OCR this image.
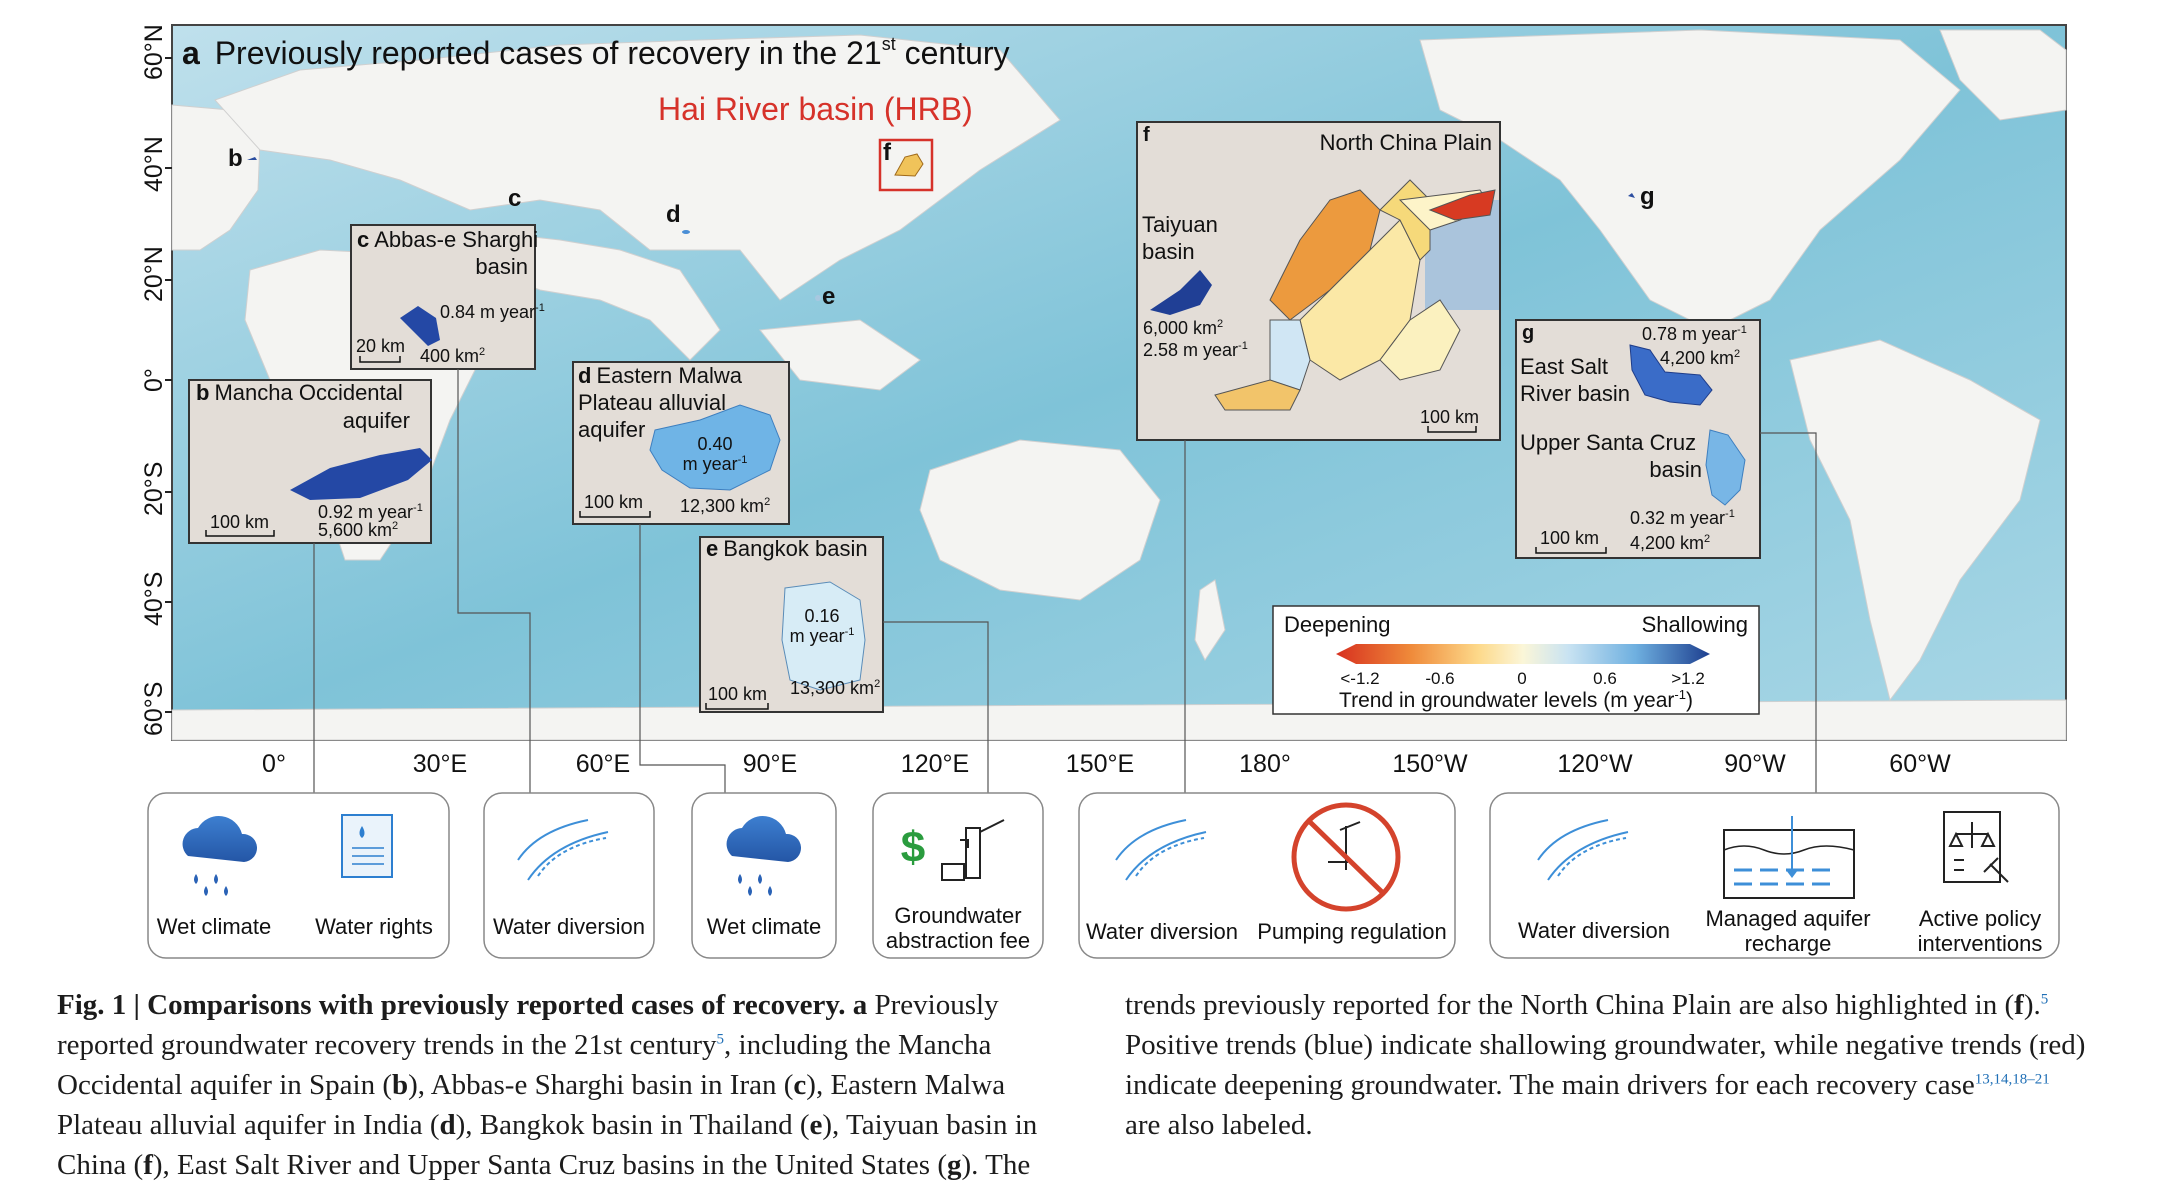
60°N
40°N
20°N
0°
20°S
40°S
60°S
0°	30°E	60°E	90°E	120°E	150°E	180°	150°W	120°W	90°W	60°W
a Previously reported cases of recovery in the 21st century
Hai River basin (HRB)
b
c
d
e
f
g
b Mancha Occidental
aquifer
0.92 m year$^{-1}$
5,600 $km^2$
100 km
c Abbas-e Sharghi
basin
0.84 m year$^{-1}$
400 $km^2$
20 km
d Eastern Malwa
Plateau alluvial
aquifer
0.40
m year$^{-1}$
12,300 $km^2$
100 km
e Bangkok basin
0.16
m year$^{-1}$
13,300 $km^2$
100 km
f	North China Plain
Taiyuan
basin
6,000 $km^2$
2.58 m year$^{-1}$
100 km
g	0.78 m year$^{-1}$
4,200 $km^2$
East Salt
River basin
Upper Santa Cruz
basin
0.32 m year$^{-1}$
4,200 $km^2$
100 km
Deepening	Shallowing
<-1.2	-0.6	0	0.6	>1.2
Trend in groundwater levels (m year$^{-1}$)
Wet climate Water rights	Water diversion	Wet climate
$
Groundwater
abstraction fee	Water diversion Pumping regulation	Water diversion Managed aquifer
recharge
Active policy
interventions
Fig. 1 | Comparisons with previously reported cases of recovery. a Previously
reported groundwater recovery trends in the 21st century$^5$, including the Mancha
Occidental aquifer in Spain (b), Abbas-e Sharghi basin in Iran (c), Eastern Malwa
Plateau alluvial aquifer in India (d), Bangkok basin in Thailand (e), Taiyuan basin in
China (f), East Salt River and Upper Santa Cruz basins in the United States (g). The
trends previously reported for the North China Plain are also highlighted in (f).$^5$
Positive trends (blue) indicate shallowing groundwater, while negative trends (red)
indicate deepening groundwater. The main drivers for each recovery case$^{13,14,18-21}$
are also labeled.
